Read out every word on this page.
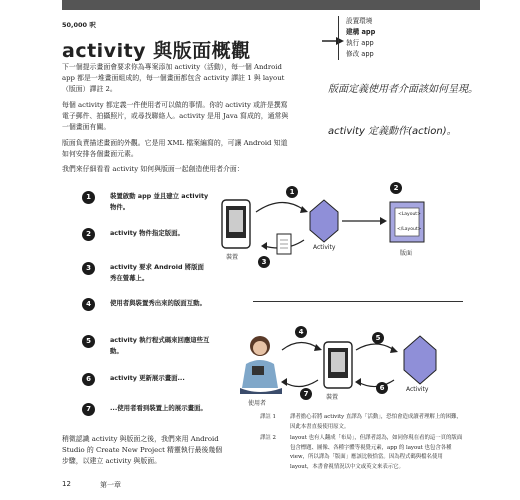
50,000 呎
activity 與版面概觀

下一個提示畫面會要求你為專案添加 activity（活動），每一個 Android app 都是一堆畫面組成的，每一個畫面都包含 activity 譯註 1 與 layout（版面）譯註 2。

每個 activity 都定義一件使用者可以做的事情。你的 activity 或許是撰寫電子郵件、拍攝照片，或尋找聯絡人。activity 是用 Java 寫成的，通常與一個畫面有關。

版面負責描述畫面的外觀。它是用 XML 檔案編寫的，可讓 Android 知道如何安排各個畫面元素。

我們來仔細看看 activity 如何與版面一起創造使用者介面：

1	裝置啟動 app 並且建立 activity 物件。
2	activity 物件指定版面。
3	activity 要求 Android 將版面秀在螢幕上。
4	使用者與裝置秀出來的版面互動。
5	activity 執行程式碼來回應這些互動。
6	activity 更新展示畫面...
7	...使用者看到裝置上的展示畫面。

稍微認識 activity 與版面之後，我們來用 Android Studio 的 Create New Project 精靈執行最後幾個步驟，以建立 activity 與版面。

設置環境
建構 app
執行 app
修改 app
版面定義使用者介面該如何呈現。
activity 定義動作(action)。
1	2
3
裝置
Activity
版面
<Layout>
</Layout>
4
5
6
7
使用者
裝置
Activity
譯註 1	譯者擔心若將 activity 直譯為「活動」，恐怕會造成讀者理解上的困難，因此本書直接使用原文。
譯註 2	layout 也有人翻成「布局」，但譯者認為，如同你現在看的這一頁的版面包含標題、圖像、各種字體等視覺元素，app 的 layout 也包含各種 view，所以譯為「版面」應該比較恰當。因為程式碼與檔名使用 layout，本書會視情況以中文或英文來表示它。
12	第一章
